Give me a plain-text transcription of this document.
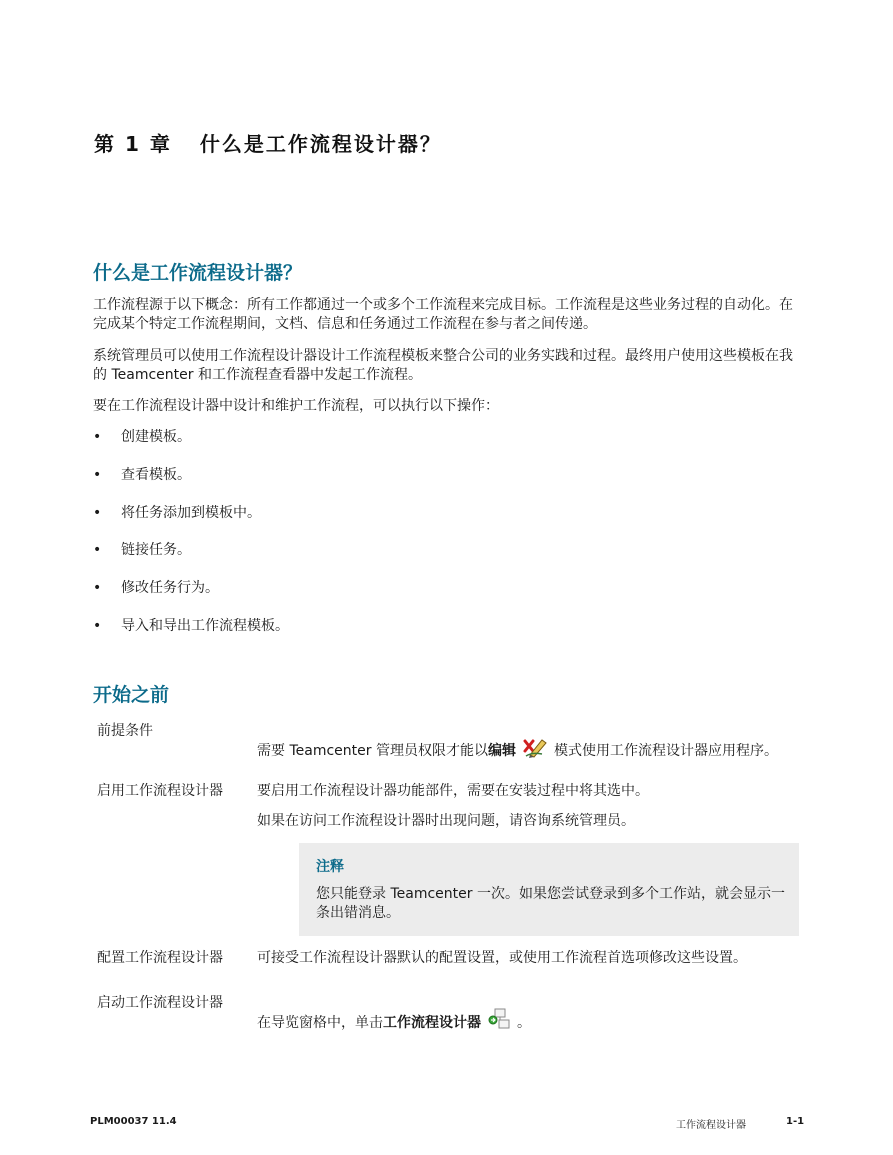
第 1 章 什么是工作流程设计器？
什么是工作流程设计器？
工作流程源于以下概念：所有工作都通过一个或多个工作流程来完成目标。工作流程是这些业务过程的自动化。在完成某个特定工作流程期间，文档、信息和任务通过工作流程在参与者之间传递。
系统管理员可以使用工作流程设计器设计工作流程模板来整合公司的业务实践和过程。最终用户使用这些模板在我的 Teamcenter 和工作流程查看器中发起工作流程。
要在工作流程设计器中设计和维护工作流程，可以执行以下操作：
• 创建模板。
• 查看模板。
• 将任务添加到模板中。
• 链接任务。
• 修改任务行为。
• 导入和导出工作流程模板。
开始之前
前提条件
需要 Teamcenter 管理员权限才能以编辑	模式使用工作流程设计器应用程序。
启用工作流程设计器 要启用工作流程设计器功能部件，需要在安装过程中将其选中。
如果在访问工作流程设计器时出现问题，请咨询系统管理员。
注释
您只能登录 Teamcenter 一次。如果您尝试登录到多个工作站，就会显示一条出错消息。
配置工作流程设计器 可接受工作流程设计器默认的配置设置，或使用工作流程首选项修改这些设置。
启动工作流程设计器
在导览窗格中，单击工作流程设计器	。
PLM00037 11.4	工作流程设计器	1-1
